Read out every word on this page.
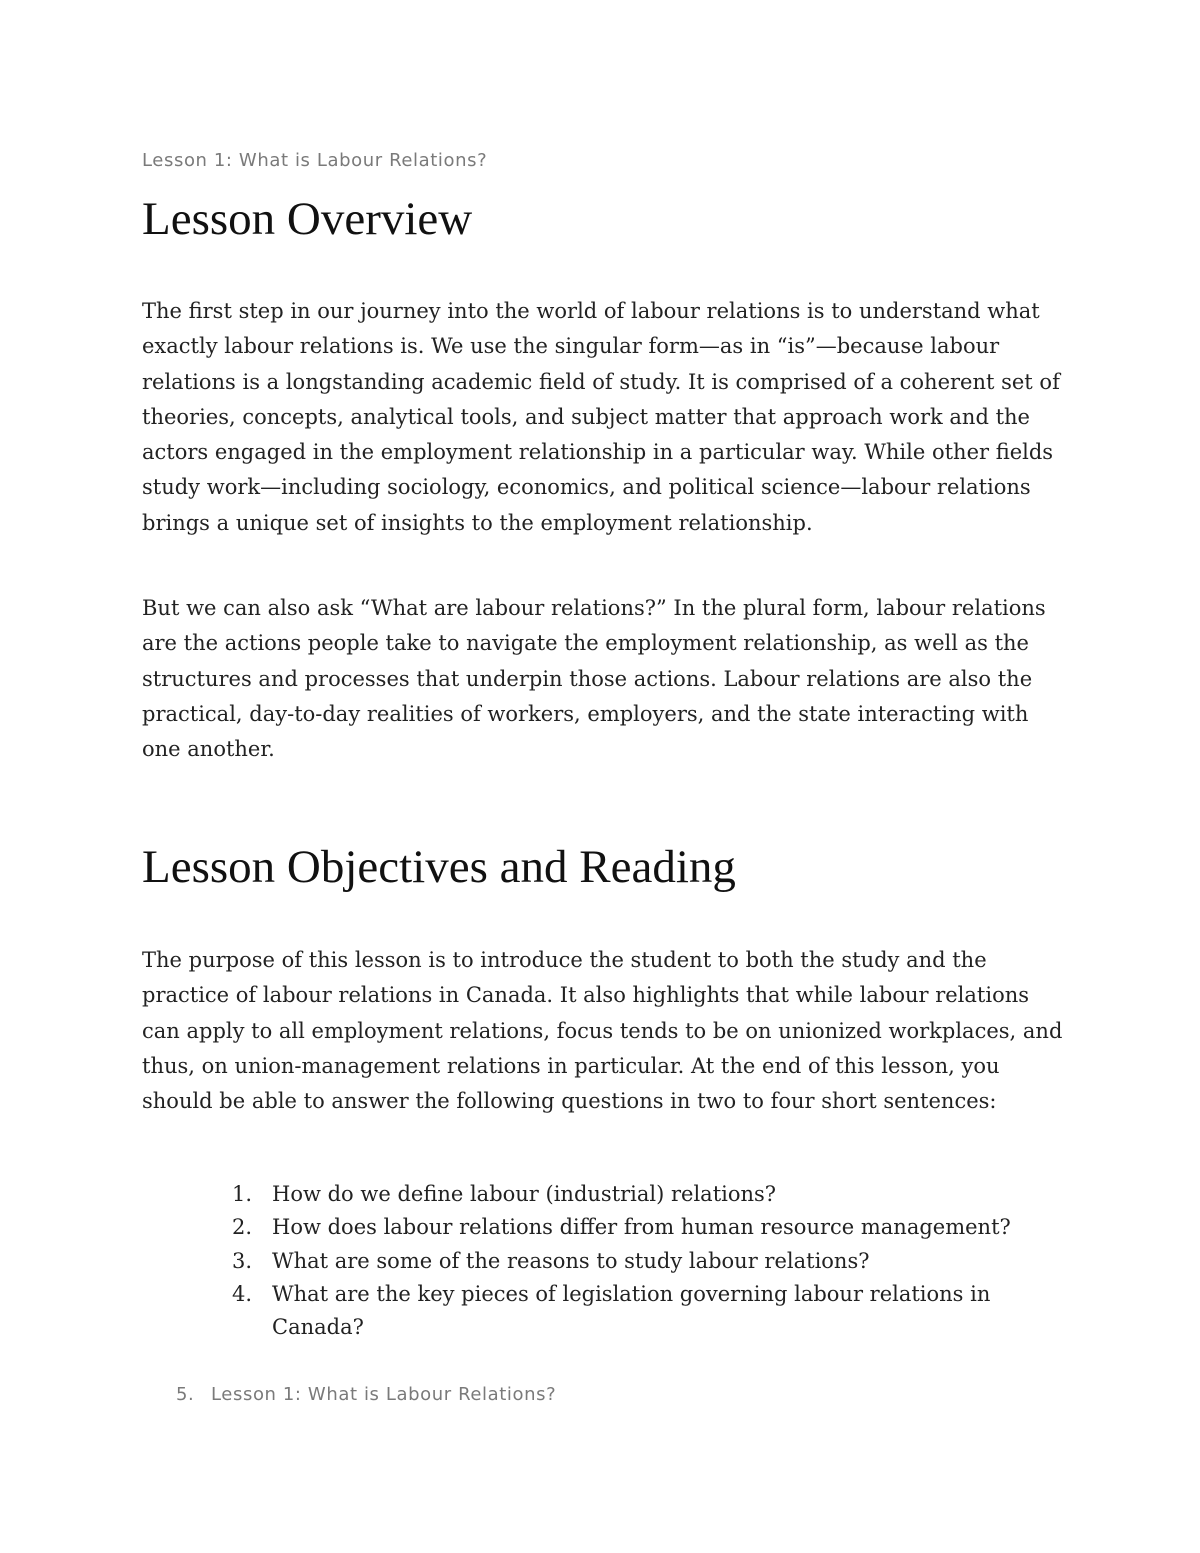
Lesson 1: What is Labour Relations?
Lesson Overview

The first step in our journey into the world of labour relations is to understand what exactly labour relations is. We use the singular form—as in “is”—because labour relations is a longstanding academic field of study. It is comprised of a coherent set of theories, concepts, analytical tools, and subject matter that approach work and the actors engaged in the employment relationship in a particular way. While other fields study work—including sociology, economics, and political science—labour relations brings a unique set of insights to the employment relationship.

But we can also ask “What are labour relations?” In the plural form, labour relations are the actions people take to navigate the employment relationship, as well as the structures and processes that underpin those actions. Labour relations are also the practical, day-to-day realities of workers, employers, and the state interacting with one another.

Lesson Objectives and Reading

The purpose of this lesson is to introduce the student to both the study and the practice of labour relations in Canada. It also highlights that while labour relations can apply to all employment relations, focus tends to be on unionized workplaces, and thus, on union-management relations in particular. At the end of this lesson, you should be able to answer the following questions in two to four short sentences:

1. How do we define labour (industrial) relations?
2. How does labour relations differ from human resource management?
3. What are some of the reasons to study labour relations?
4. What are the key pieces of legislation governing labour relations in Canada?
5. Lesson 1: What is Labour Relations?
